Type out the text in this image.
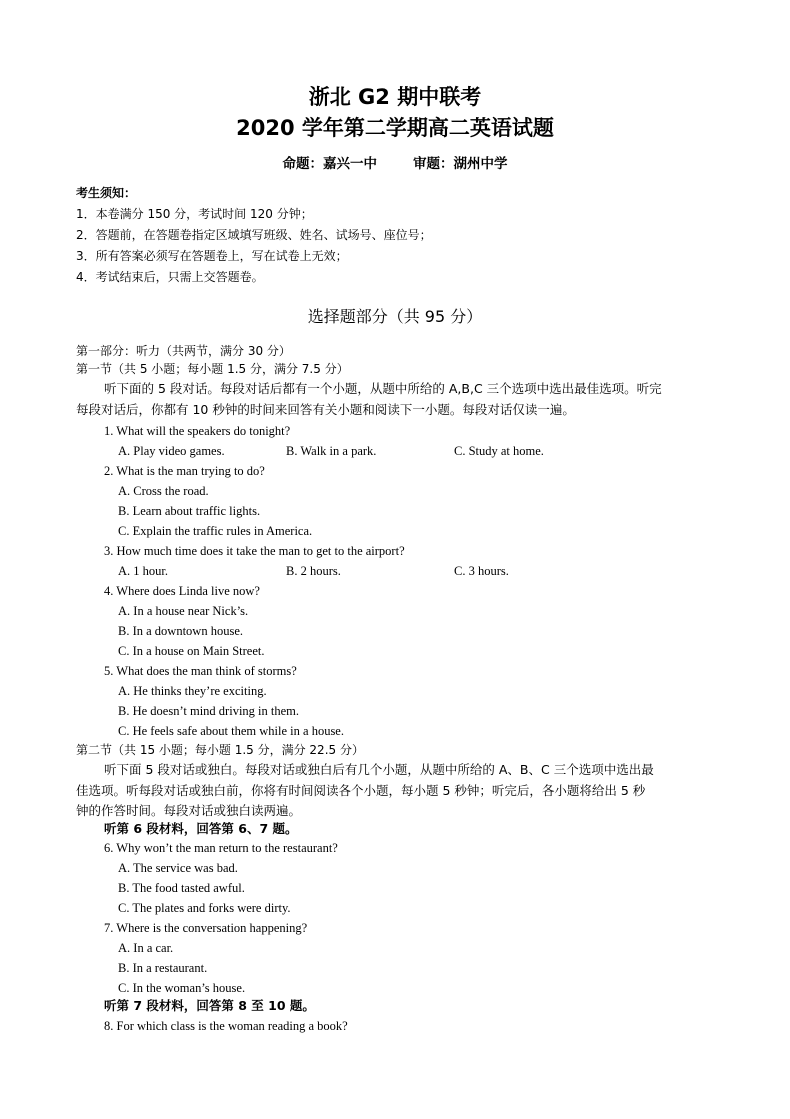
浙北 G2 期中联考
2020 学年第二学期高二英语试题
命题：嘉兴一中	审题：湖州中学
考生须知：
1．本卷满分 150 分，考试时间 120 分钟；
2．答题前，在答题卷指定区域填写班级、姓名、试场号、座位号；
3．所有答案必须写在答题卷上，写在试卷上无效；
4．考试结束后，只需上交答题卷。
选择题部分（共 95 分）
第一部分：听力（共两节，满分 30 分）
第一节（共 5 小题；每小题 1.5 分，满分 7.5 分）
听下面的 5 段对话。每段对话后都有一个小题，从题中所给的 A,B,C 三个选项中选出最佳选项。听完
每段对话后，你都有 10 秒钟的时间来回答有关小题和阅读下一小题。每段对话仅读一遍。
1. What will the speakers do tonight?
A. Play video games.	B. Walk in a park.	C. Study at home.
2. What is the man trying to do?
A. Cross the road.
B. Learn about traffic lights.
C. Explain the traffic rules in America.
3. How much time does it take the man to get to the airport?
A. 1 hour.	B. 2 hours.	C. 3 hours.
4. Where does Linda live now?
A. In a house near Nick’s.
B. In a downtown house.
C. In a house on Main Street.
5. What does the man think of storms?
A. He thinks they’re exciting.
B. He doesn’t mind driving in them.
C. He feels safe about them while in a house.
第二节（共 15 小题；每小题 1.5 分，满分 22.5 分）
听下面 5 段对话或独白。每段对话或独白后有几个小题，从题中所给的 A、B、C 三个选项中选出最
佳选项。听每段对话或独白前，你将有时间阅读各个小题，每小题 5 秒钟；听完后，各小题将给出 5 秒
钟的作答时间。每段对话或独白读两遍。
听第 6 段材料，回答第 6、7 题。
6. Why won’t the man return to the restaurant?
A. The service was bad.
B. The food tasted awful.
C. The plates and forks were dirty.
7. Where is the conversation happening?
A. In a car.
B. In a restaurant.
C. In the woman’s house.
听第 7 段材料，回答第 8 至 10 题。
8. For which class is the woman reading a book?
